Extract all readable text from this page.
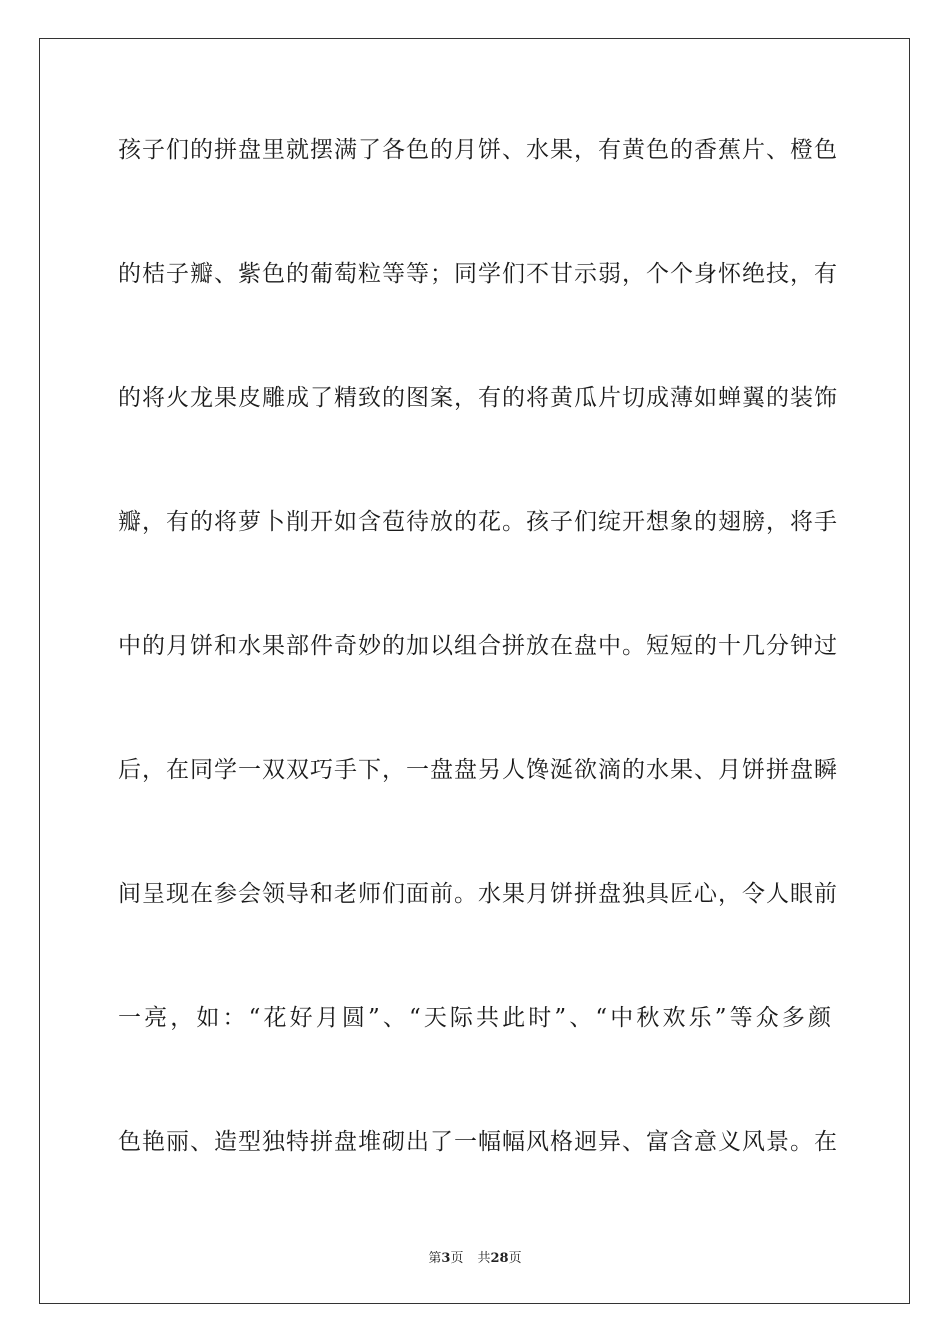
孩子们的拼盘里就摆满了各色的月饼、水果，有黄色的香蕉片、橙色

的桔子瓣、紫色的葡萄粒等等；同学们不甘示弱，个个身怀绝技，有

的将火龙果皮雕成了精致的图案，有的将黄瓜片切成薄如蝉翼的装饰

瓣，有的将萝卜削开如含苞待放的花。孩子们绽开想象的翅膀，将手

中的月饼和水果部件奇妙的加以组合拼放在盘中。短短的十几分钟过

后，在同学一双双巧手下，一盘盘另人馋涎欲滴的水果、月饼拼盘瞬

间呈现在参会领导和老师们面前。水果月饼拼盘独具匠心，令人眼前

一亮，如：“花好月圆”、“天际共此时”、“中秋欢乐”等众多颜

色艳丽、造型独特拼盘堆砌出了一幅幅风格迥异、富含意义风景。在

第3页 共28页
